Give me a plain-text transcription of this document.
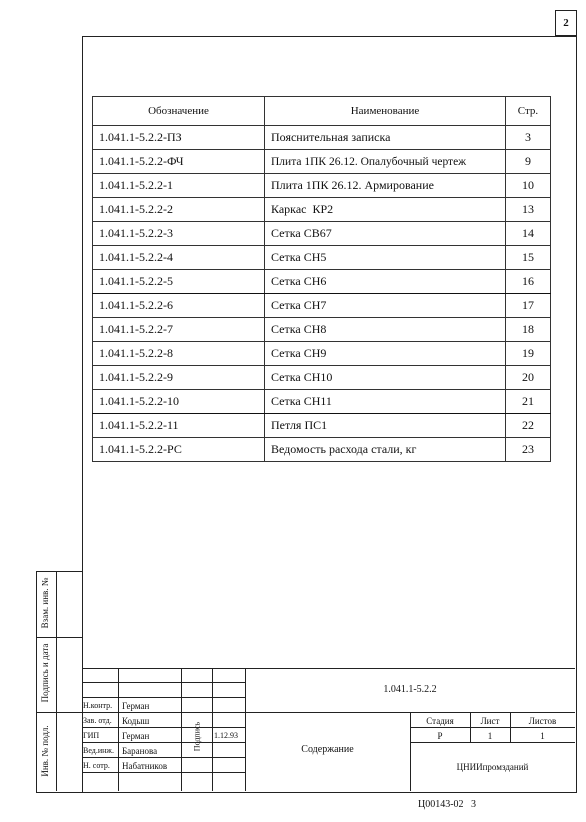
2
Взам. инв. №
Подпись и дата
Инв. № подл.
Обозначение	Наименование	Стр.
1.041.1-5.2.2-ПЗ	Пояснительная записка	3
1.041.1-5.2.2-ФЧ	Плита 1ПК 26.12. Опалубочный чертеж	9
1.041.1-5.2.2-1	Плита 1ПК 26.12. Армирование	10
1.041.1-5.2.2-2	Каркас  КР2	13
1.041.1-5.2.2-3	Сетка СВ67	14
1.041.1-5.2.2-4	Сетка СН5	15
1.041.1-5.2.2-5	Сетка СН6	16
1.041.1-5.2.2-6	Сетка СН7	17
1.041.1-5.2.2-7	Сетка СН8	18
1.041.1-5.2.2-8	Сетка СН9	19
1.041.1-5.2.2-9	Сетка СН10	20
1.041.1-5.2.2-10	Сетка СН11	21
1.041.1-5.2.2-11	Петля ПС1	22
1.041.1-5.2.2-РС	Ведомость расхода стали, кг	23
1.041.1-5.2.2
Н.контр. Герман
Зав. отд. Кодыш
ГИП	Герман
Вед.инж. Баранова
Н. сотр. Набатников
Подпись 1.12.93
Содержание
Стадия	Лист	Листов
Р	1	1
ЦНИИпромзданий
Ц00143-02   3
